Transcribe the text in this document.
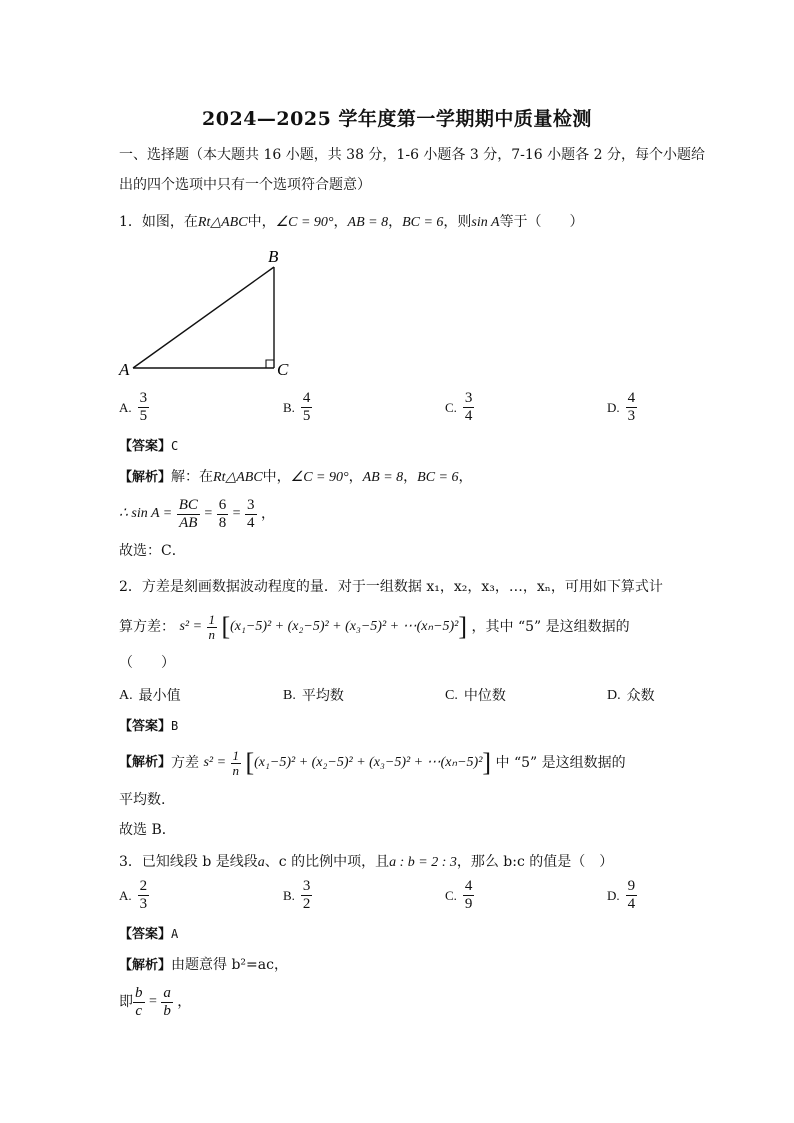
2024—2025 学年度第一学期期中质量检测
一、选择题（本大题共 16 小题，共 38 分，1-6 小题各 3 分，7-16 小题各 2 分，每个小题给
出的四个选项中只有一个选项符合题意）
1．如图，在Rt△ABC中，∠C = 90°，AB = 8，BC = 6，则sin A等于（　　）
A
B
C
A. $\frac{3}{5}$	B. $\frac{4}{5}$	C. $\frac{3}{4}$	D. $\frac{4}{3}$
【答案】C
【解析】解：在Rt△ABC中，∠C = 90°，AB = 8，BC = 6，
∴ $\sin A = \frac{BC}{AB} = \frac{6}{8} = \frac{3}{4}$ ，
故选：C．
2．方差是刻画数据波动程度的量．对于一组数据 x₁，x₂，x₃，…，xₙ，可用如下算式计
算方差： $s^2 = \frac{1}{n} [(x_1-5)^2 + (x_2-5)^2 + (x_3-5)^2$ + ⋯(xₙ−5)²] ，其中 “5” 是这组数据的
（　　）
A. 最小值	B. 平均数	C. 中位数	D. 众数
【答案】B
【解析】方差 $s^2 = \frac{1}{n} [(x_1-5)^2 + (x_2-5)^2 + (x_3-5)^2$ + ⋯(xₙ−5)²] 中 “5” 是这组数据的
平均数.
故选 B．
3．已知线段 b 是线段a、c 的比例中项，且a : b = 2 : 3，那么 b:c 的值是（　）
A. $\frac{2}{3}$	B. $\frac{3}{2}$	C. $\frac{4}{9}$	D. $\frac{9}{4}$
【答案】A
【解析】由题意得 b²=ac，
即 $\frac{b}{c} = \frac{a}{b}$ ，
